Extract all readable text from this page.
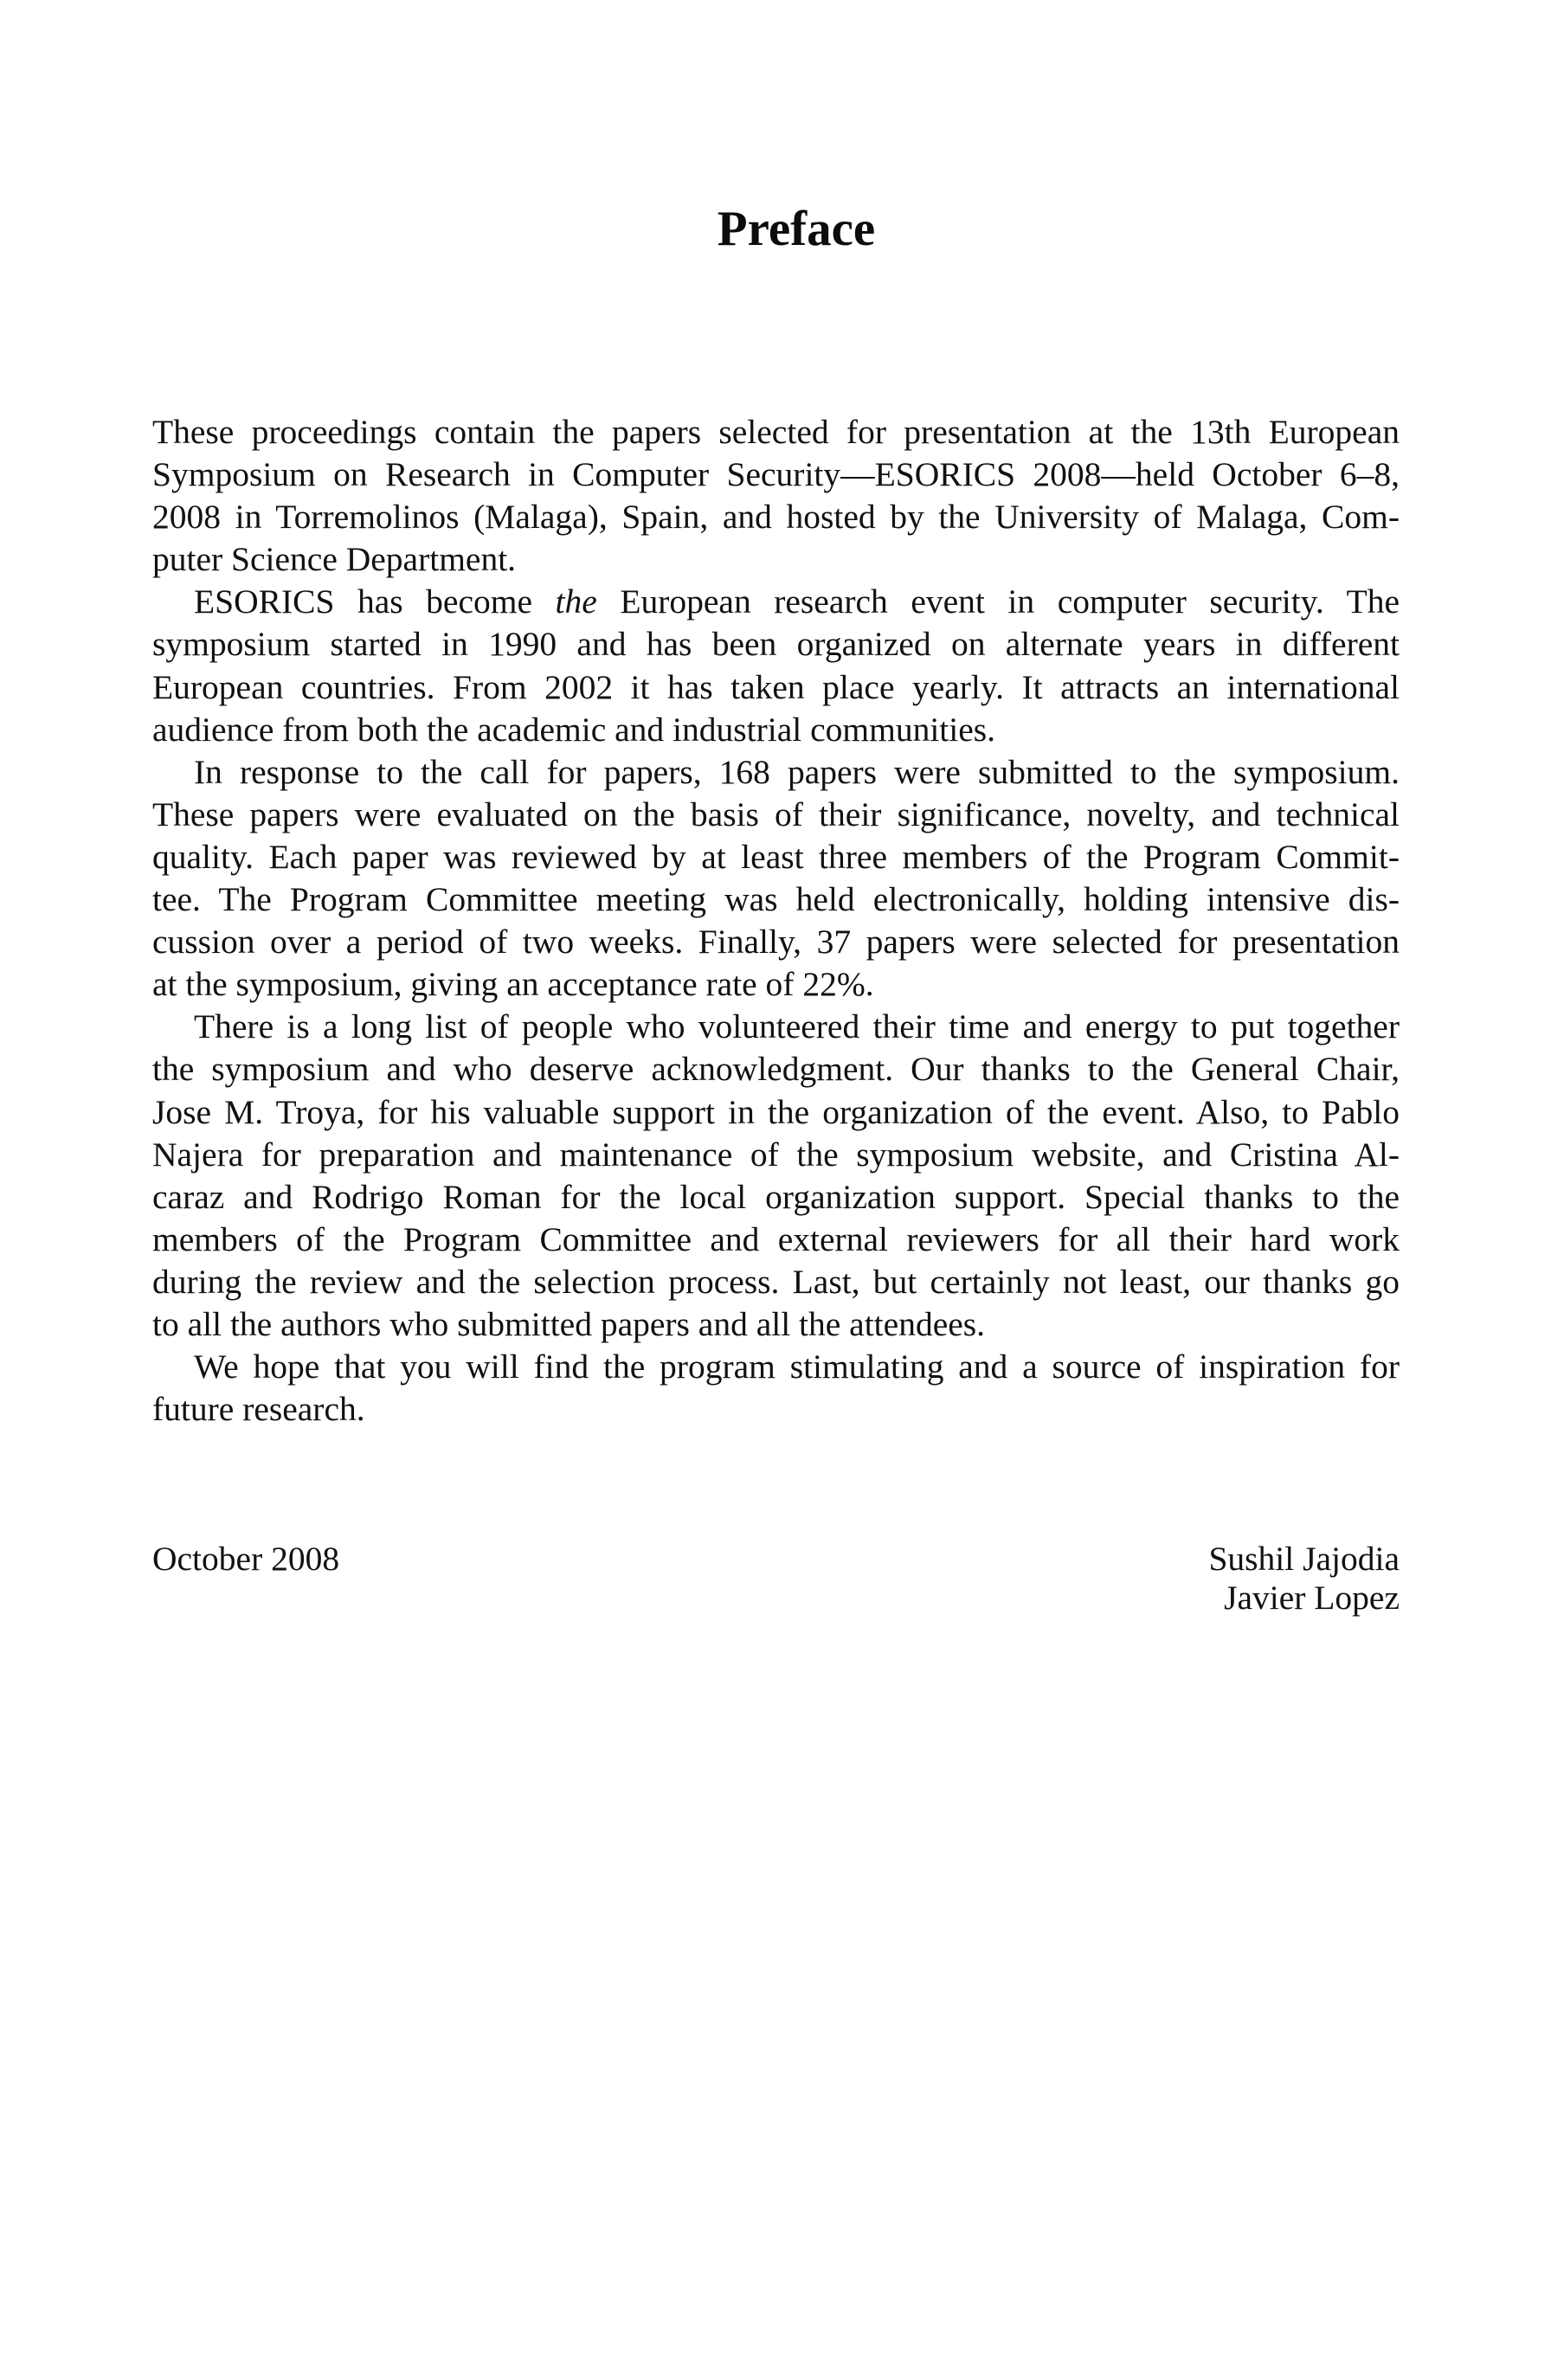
Preface
These proceedings contain the papers selected for presentation at the 13th European
Symposium on Research in Computer Security—ESORICS 2008—held October 6–8,
2008 in Torremolinos (Malaga), Spain, and hosted by the University of Malaga, Com-
puter Science Department.
ESORICS has become the European research event in computer security. The
symposium started in 1990 and has been organized on alternate years in different
European countries. From 2002 it has taken place yearly. It attracts an international
audience from both the academic and industrial communities.
In response to the call for papers, 168 papers were submitted to the symposium.
These papers were evaluated on the basis of their significance, novelty, and technical
quality. Each paper was reviewed by at least three members of the Program Commit-
tee. The Program Committee meeting was held electronically, holding intensive dis-
cussion over a period of two weeks. Finally, 37 papers were selected for presentation
at the symposium, giving an acceptance rate of 22%.
There is a long list of people who volunteered their time and energy to put together
the symposium and who deserve acknowledgment. Our thanks to the General Chair,
Jose M. Troya, for his valuable support in the organization of the event. Also, to Pablo
Najera for preparation and maintenance of the symposium website, and Cristina Al-
caraz and Rodrigo Roman for the local organization support. Special thanks to the
members of the Program Committee and external reviewers for all their hard work
during the review and the selection process. Last, but certainly not least, our thanks go
to all the authors who submitted papers and all the attendees.
We hope that you will find the program stimulating and a source of inspiration for
future research.
October 2008	Sushil Jajodia
Javier Lopez
